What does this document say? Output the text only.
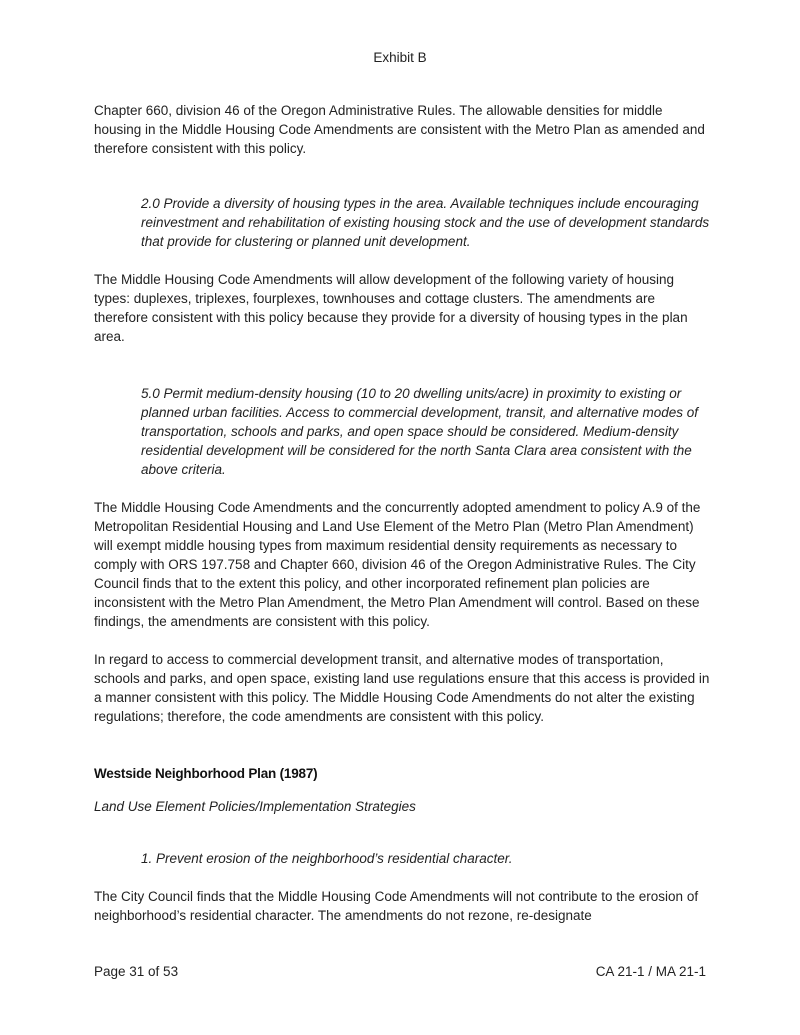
Exhibit B

Chapter 660, division 46 of the Oregon Administrative Rules. The allowable densities for middle housing in the Middle Housing Code Amendments are consistent with the Metro Plan as amended and therefore consistent with this policy.

2.0 Provide a diversity of housing types in the area. Available techniques include encouraging reinvestment and rehabilitation of existing housing stock and the use of development standards that provide for clustering or planned unit development.

The Middle Housing Code Amendments will allow development of the following variety of housing types: duplexes, triplexes, fourplexes, townhouses and cottage clusters. The amendments are therefore consistent with this policy because they provide for a diversity of housing types in the plan area.

5.0 Permit medium-density housing (10 to 20 dwelling units/acre) in proximity to existing or planned urban facilities. Access to commercial development, transit, and alternative modes of transportation, schools and parks, and open space should be considered. Medium-density residential development will be considered for the north Santa Clara area consistent with the above criteria.

The Middle Housing Code Amendments and the concurrently adopted amendment to policy A.9 of the Metropolitan Residential Housing and Land Use Element of the Metro Plan (Metro Plan Amendment) will exempt middle housing types from maximum residential density requirements as necessary to comply with ORS 197.758 and Chapter 660, division 46 of the Oregon Administrative Rules. The City Council finds that to the extent this policy, and other incorporated refinement plan policies are inconsistent with the Metro Plan Amendment, the Metro Plan Amendment will control. Based on these findings, the amendments are consistent with this policy.

In regard to access to commercial development transit, and alternative modes of transportation, schools and parks, and open space, existing land use regulations ensure that this access is provided in a manner consistent with this policy. The Middle Housing Code Amendments do not alter the existing regulations; therefore, the code amendments are consistent with this policy.

Westside Neighborhood Plan (1987)

Land Use Element Policies/Implementation Strategies

1. Prevent erosion of the neighborhood’s residential character.

The City Council finds that the Middle Housing Code Amendments will not contribute to the erosion of neighborhood’s residential character. The amendments do not rezone, re-designate

Page 31 of 53	CA 21-1 / MA 21-1
